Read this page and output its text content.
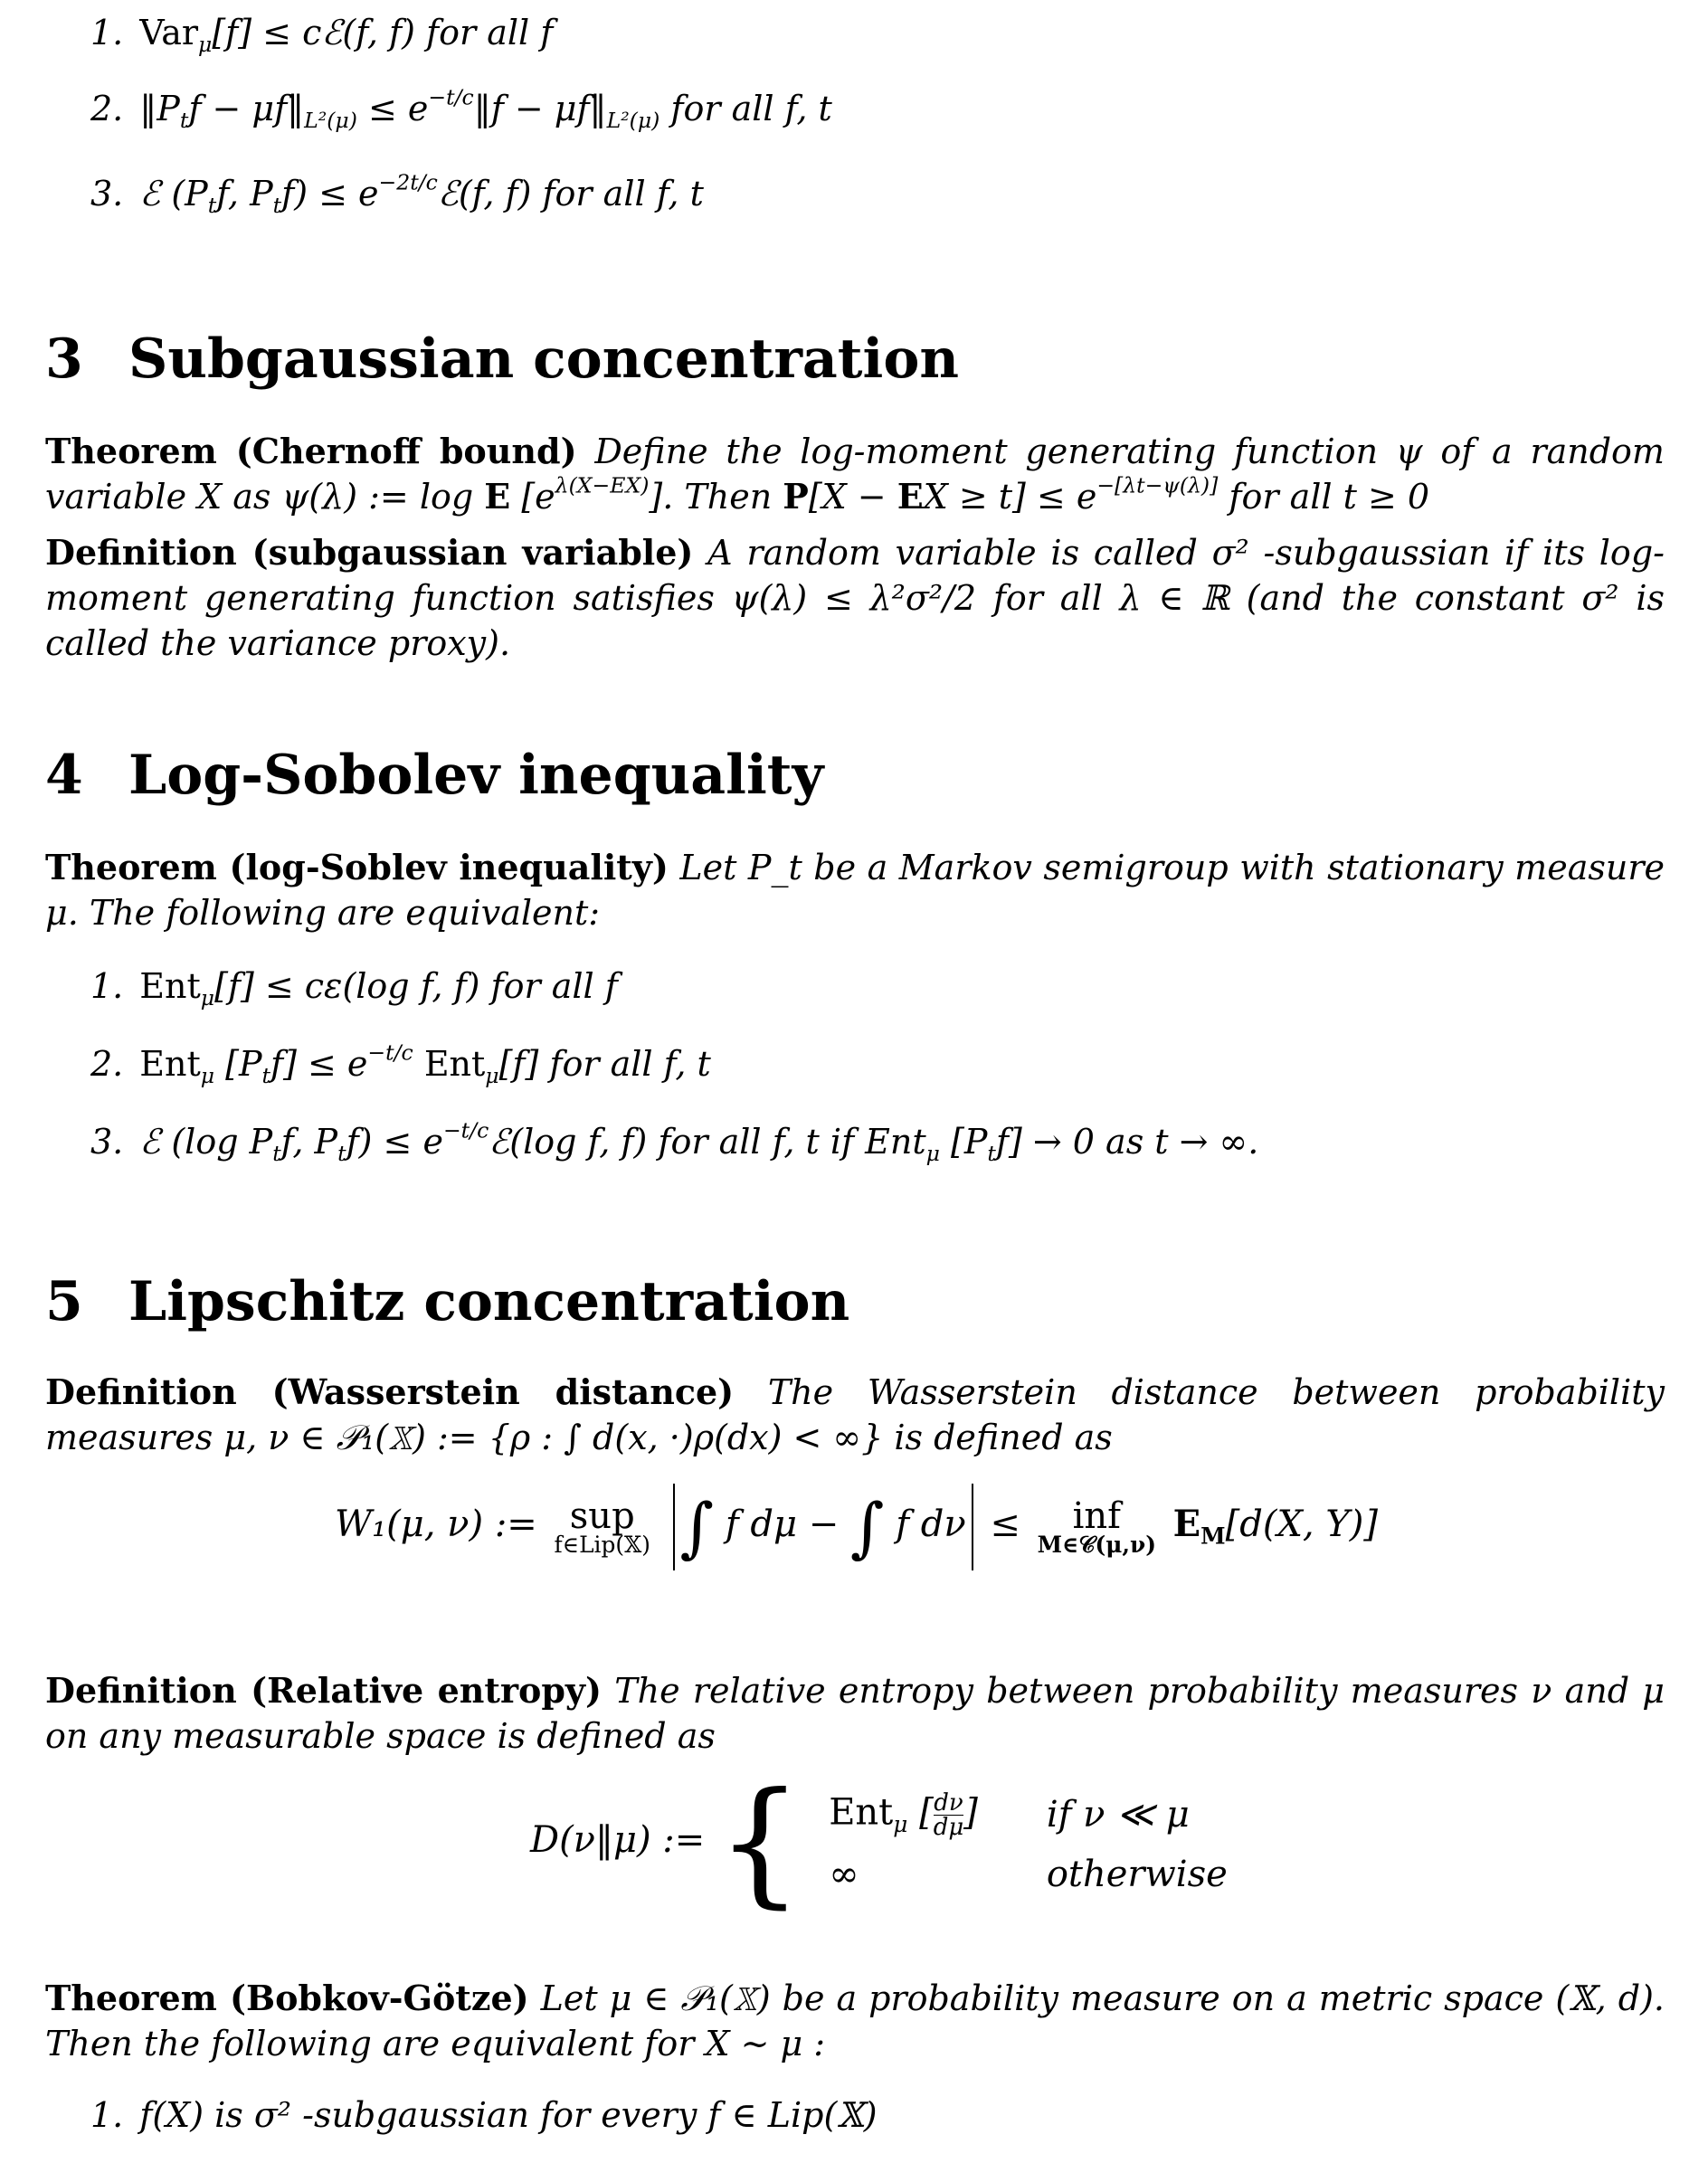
1. Var$_\mu$[f] ≤ cℰ(f, f) for all f
2. $‖P_tf$ − $\mu f‖_{L^2(\mu)}$ ≤ $e^{-t/c}‖f$ − $\mu f‖_{L^2(\mu)}$ for all f, t
3. ℰ ($P_tf$, $P_tf$) ≤ $e^{-2t/c}ℰ(f$, f) for all f, t
3 Subgaussian concentration
Theorem (Chernoff bound) Define the log-moment generating function ψ of a random variable X as ψ(λ) := log E $[e^{\lambda(X-EX)}]$. Then P[X − EX ≥ $t] \le e^{-[\lambda t-\psi(\lambda)]}$ for all t ≥ 0
Definition (subgaussian variable) A random variable is called σ² -subgaussian if its log-moment generating function satisfies ψ(λ) ≤ λ²σ²/2 for all λ ∈ ℝ (and the constant σ² is called the variance proxy).
4 Log-Sobolev inequality
Theorem (log-Soblev inequality) Let P_t be a Markov semigroup with stationary measure μ. The following are equivalent:
1. Ent$_\mu$[f] ≤ cε(log f, f) for all f
2. Ent$_\mu$ $[P_tf] \le e^{-t/c}$ Ent$_\mu$[f] for all f, t
3. ℰ (log $P_tf$, $P_tf$) ≤ $e^{-t/c}ℰ(\log$ f, f) for all f, t if Ent$_\mu$ $[P_tf] \to 0$ as t → ∞.
5 Lipschitz concentration
Definition (Wasserstein distance) The Wasserstein distance between probability measures μ, ν ∈ 𝒫₁(𝕏) := {ρ : ∫ d(x, ·)ρ(dx) < ∞} is defined as
W₁(μ, ν) := sup
f∈Lip(𝕏) ∫ f dμ − ∫ f dν ≤ inf
M∈𝒞(μ,ν) $E_M[d(X$, Y)]
Definition (Relative entropy) The relative entropy between probability measures ν and μ on any measurable space is defined as
D(ν‖μ) := { Ent$_\mu$ [ $\frac{d\nu}{d\mu}$ ]	if ν ≪ μ
∞	otherwise
Theorem (Bobkov-Götze) Let μ ∈ 𝒫₁(𝕏) be a probability measure on a metric space (𝕏, d). Then the following are equivalent for X ∼ μ :
1. f(X) is σ² -subgaussian for every f ∈ Lip(𝕏)
